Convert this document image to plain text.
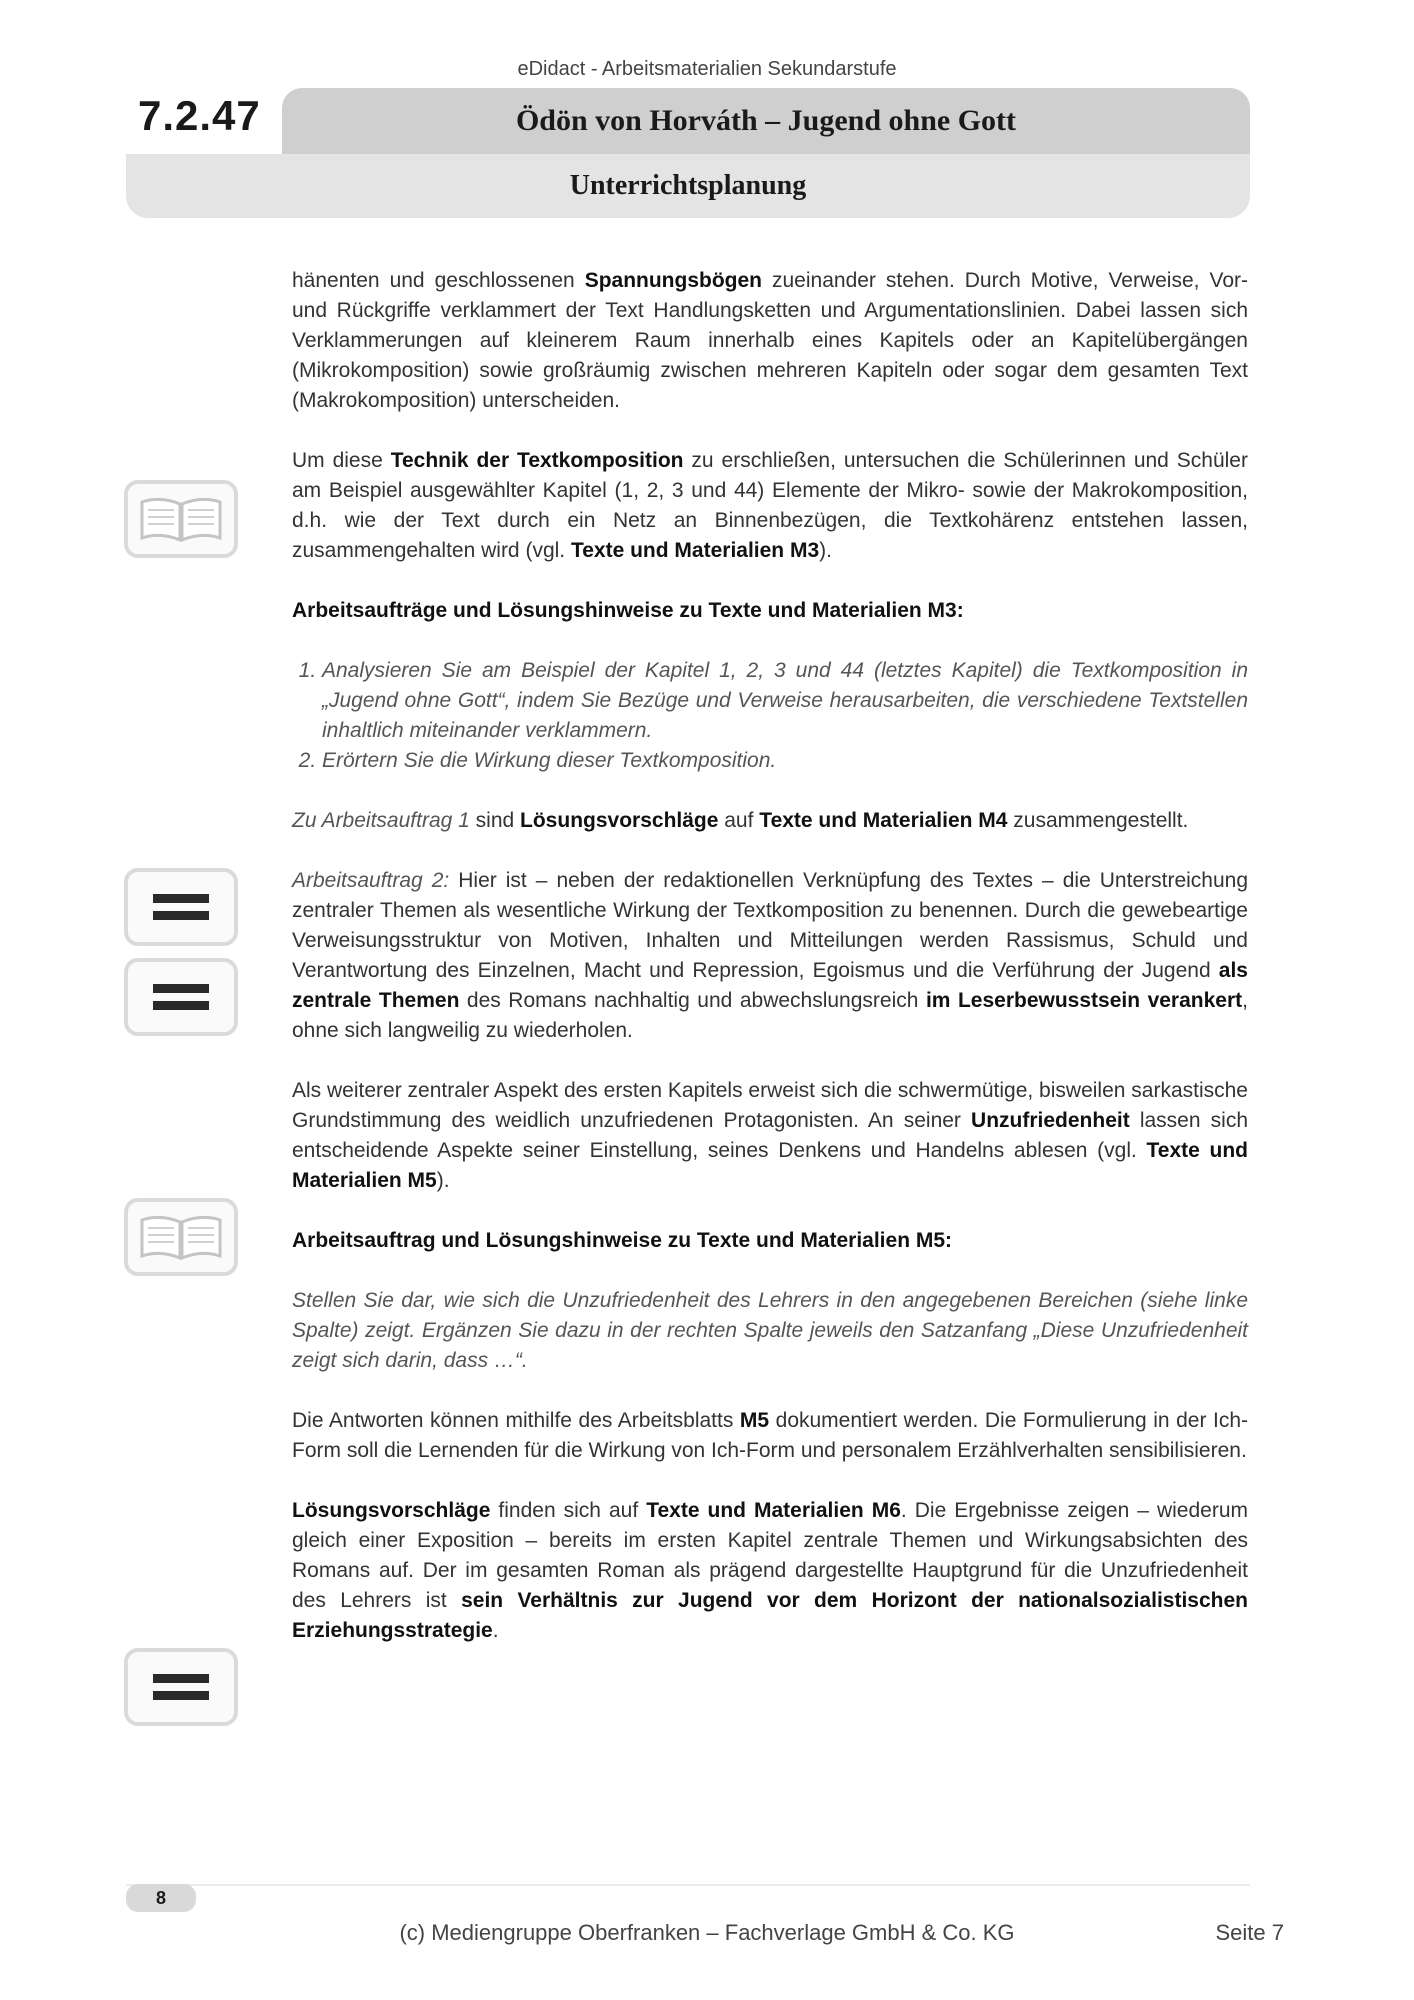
eDidact - Arbeitsmaterialien Sekundarstufe
7.2.47	Ödön von Horváth – Jugend ohne Gott
Unterrichtsplanung

hänenten und geschlossenen Spannungsbögen zueinander stehen. Durch Motive, Verweise, Vor- und Rückgriffe verklammert der Text Handlungsketten und Argumentationslinien. Dabei lassen sich Verklammerungen auf kleinerem Raum innerhalb eines Kapitels oder an Kapitelübergängen (Mikrokomposition) sowie großräumig zwischen mehreren Kapiteln oder sogar dem gesamten Text (Makrokomposition) unterscheiden.

Um diese Technik der Textkomposition zu erschließen, untersuchen die Schülerinnen und Schüler am Beispiel ausgewählter Kapitel (1, 2, 3 und 44) Elemente der Mikro- sowie der Makrokomposition, d.h. wie der Text durch ein Netz an Binnenbezügen, die Textkohärenz entstehen lassen, zusammengehalten wird (vgl. Texte und Materialien M3).

Arbeitsaufträge und Lösungshinweise zu Texte und Materialien M3:

1. Analysieren Sie am Beispiel der Kapitel 1, 2, 3 und 44 (letztes Kapitel) die Textkomposition in „Jugend ohne Gott“, indem Sie Bezüge und Verweise herausarbeiten, die verschiedene Textstellen inhaltlich miteinander verklammern.
2. Erörtern Sie die Wirkung dieser Textkomposition.

Zu Arbeitsauftrag 1 sind Lösungsvorschläge auf Texte und Materialien M4 zusammengestellt.

Arbeitsauftrag 2: Hier ist – neben der redaktionellen Verknüpfung des Textes – die Unterstreichung zentraler Themen als wesentliche Wirkung der Textkomposition zu benennen. Durch die gewebeartige Verweisungsstruktur von Motiven, Inhalten und Mitteilungen werden Rassismus, Schuld und Verantwortung des Einzelnen, Macht und Repression, Egoismus und die Verführung der Jugend als zentrale Themen des Romans nachhaltig und abwechslungsreich im Leserbewusstsein verankert, ohne sich langweilig zu wiederholen.

Als weiterer zentraler Aspekt des ersten Kapitels erweist sich die schwermütige, bisweilen sarkastische Grundstimmung des weidlich unzufriedenen Protagonisten. An seiner Unzufriedenheit lassen sich entscheidende Aspekte seiner Einstellung, seines Denkens und Handelns ablesen (vgl. Texte und Materialien M5).

Arbeitsauftrag und Lösungshinweise zu Texte und Materialien M5:

Stellen Sie dar, wie sich die Unzufriedenheit des Lehrers in den angegebenen Bereichen (siehe linke Spalte) zeigt. Ergänzen Sie dazu in der rechten Spalte jeweils den Satzanfang „Diese Unzufriedenheit zeigt sich darin, dass …“.

Die Antworten können mithilfe des Arbeitsblatts M5 dokumentiert werden. Die Formulierung in der Ich-Form soll die Lernenden für die Wirkung von Ich-Form und personalem Erzählverhalten sensibilisieren.

Lösungsvorschläge finden sich auf Texte und Materialien M6. Die Ergebnisse zeigen – wiederum gleich einer Exposition – bereits im ersten Kapitel zentrale Themen und Wirkungsabsichten des Romans auf. Der im gesamten Roman als prägend dargestellte Hauptgrund für die Unzufriedenheit des Lehrers ist sein Verhältnis zur Jugend vor dem Horizont der nationalsozialistischen Erziehungsstrategie.

8
(c) Mediengruppe Oberfranken – Fachverlage GmbH & Co. KG	Seite 7
